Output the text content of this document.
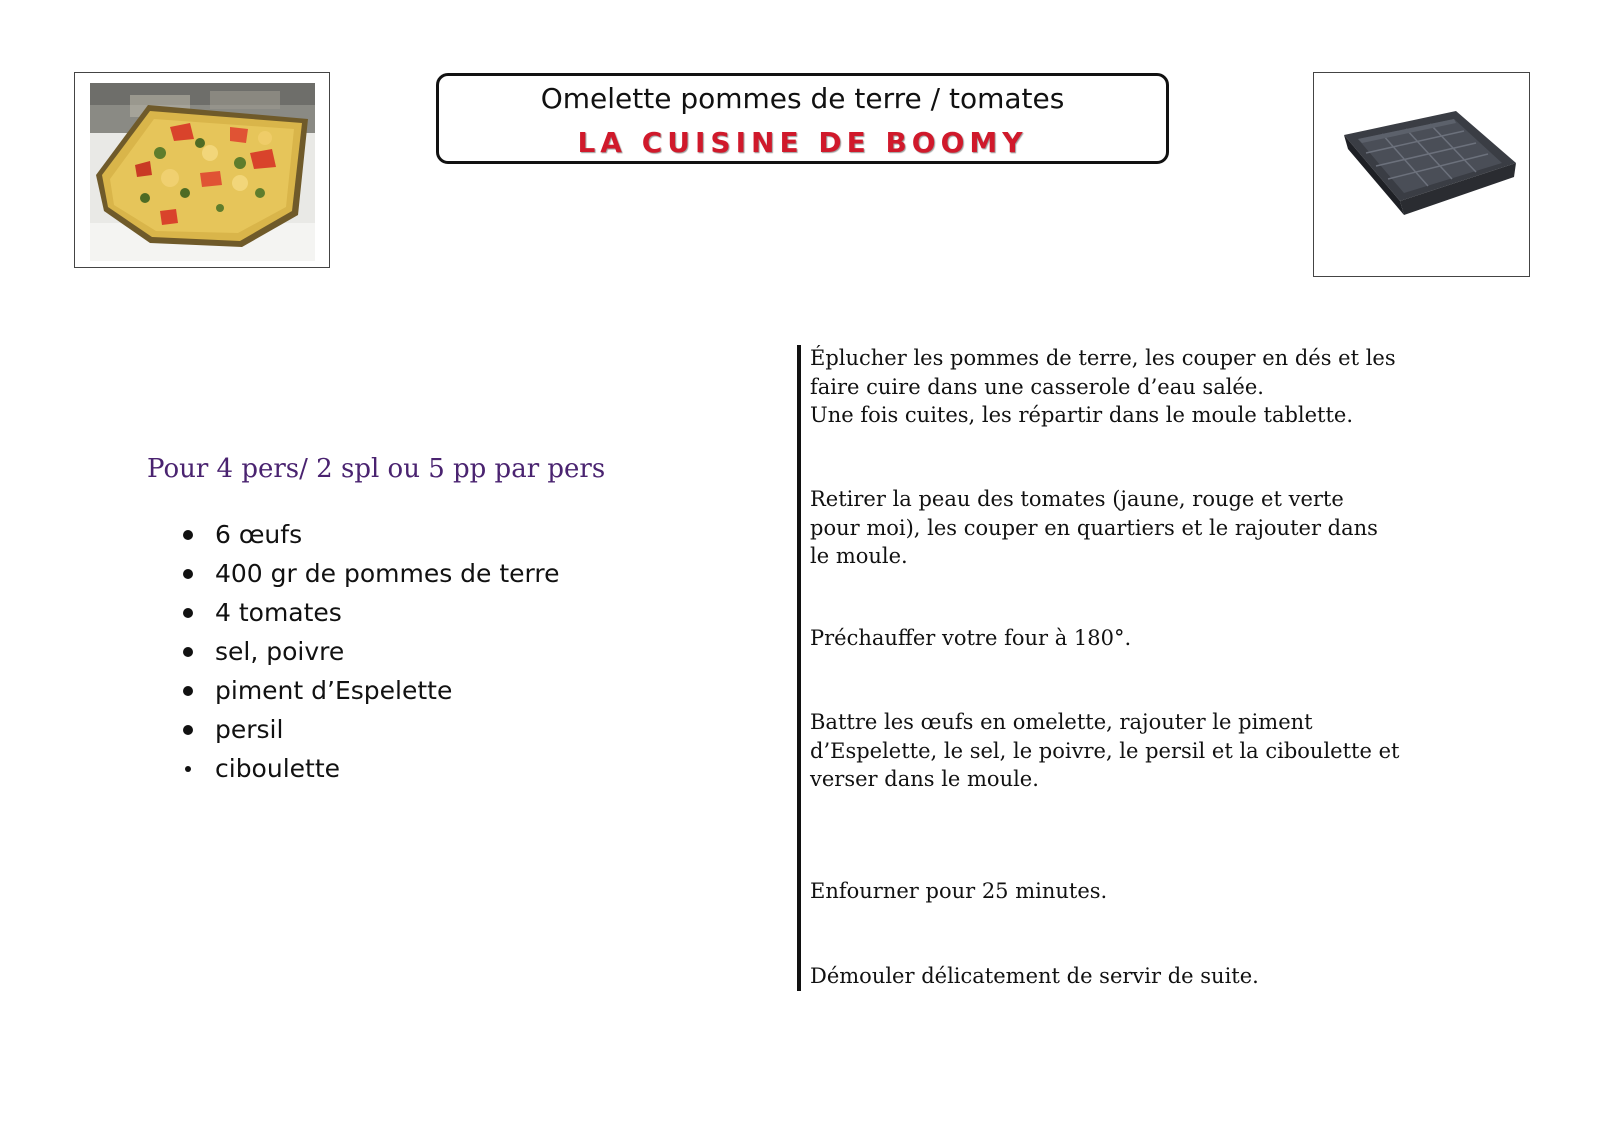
Omelette pommes de terre / tomates
LA CUISINE DE BOOMY
Pour 4 pers/ 2 spl ou 5 pp par pers
6 œufs
400 gr de pommes de terre
4 tomates
sel, poivre
piment d’Espelette
persil
ciboulette
Éplucher les pommes de terre, les couper en dés et les
faire cuire dans une casserole d’eau salée.
Une fois cuites, les répartir dans le moule tablette.
Retirer la peau des tomates (jaune, rouge et verte
pour moi), les couper en quartiers et le rajouter dans
le moule.
Préchauffer votre four à 180°.
Battre les œufs en omelette, rajouter le piment
d’Espelette, le sel, le poivre, le persil et la ciboulette et
verser dans le moule.
Enfourner pour 25 minutes.
Démouler délicatement de servir de suite.
